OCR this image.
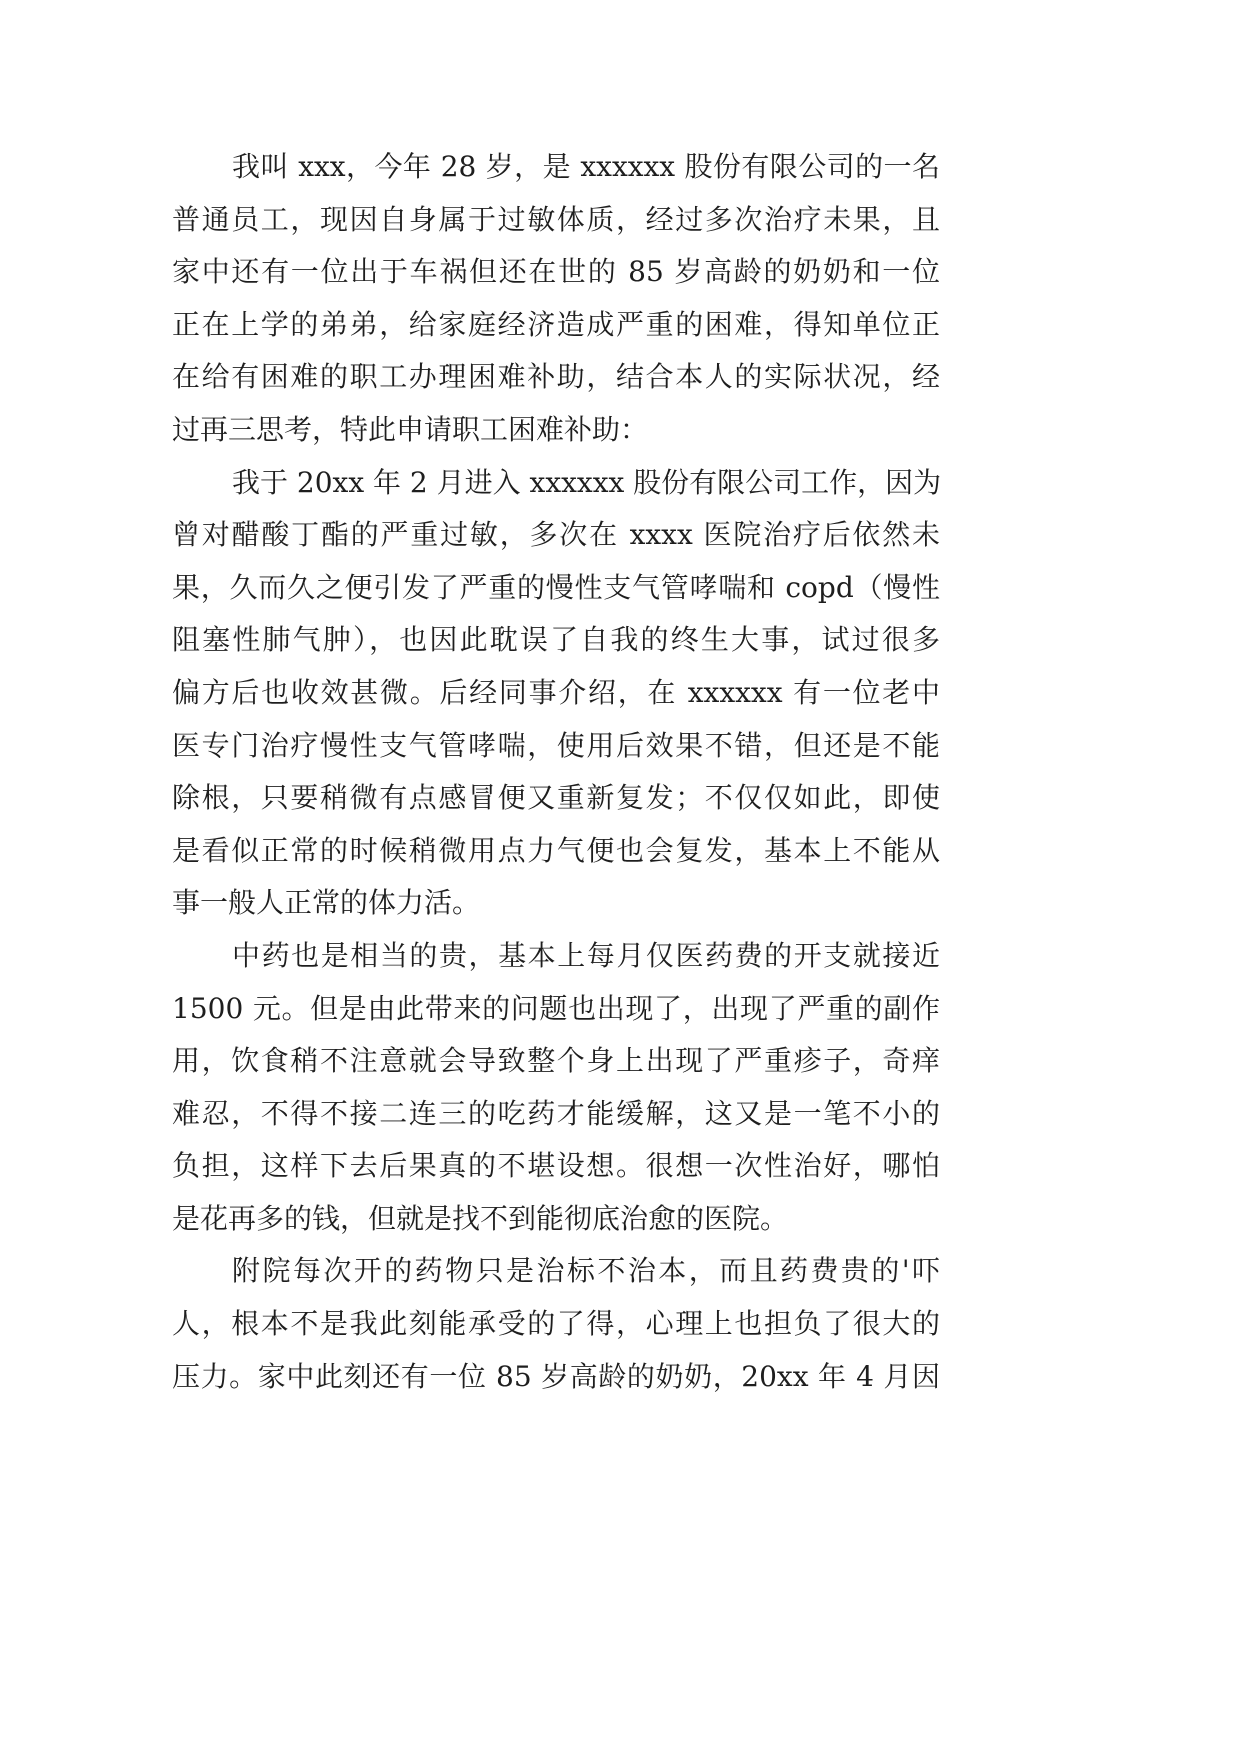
我叫 xxx，今年 28 岁，是 xxxxxx 股份有限公司的一名
普通员工，现因自身属于过敏体质，经过多次治疗未果，且
家中还有一位出于车祸但还在世的 85 岁高龄的奶奶和一位
正在上学的弟弟，给家庭经济造成严重的困难，得知单位正
在给有困难的职工办理困难补助，结合本人的实际状况，经
过再三思考，特此申请职工困难补助：
我于 20xx 年 2 月进入 xxxxxx 股份有限公司工作，因为
曾对醋酸丁酯的严重过敏，多次在 xxxx 医院治疗后依然未
果，久而久之便引发了严重的慢性支气管哮喘和 copd（慢性
阻塞性肺气肿），也因此耽误了自我的终生大事，试过很多
偏方后也收效甚微。后经同事介绍，在 xxxxxx 有一位老中
医专门治疗慢性支气管哮喘，使用后效果不错，但还是不能
除根，只要稍微有点感冒便又重新复发；不仅仅如此，即使
是看似正常的时候稍微用点力气便也会复发，基本上不能从
事一般人正常的体力活。
中药也是相当的贵，基本上每月仅医药费的开支就接近
1500 元。但是由此带来的问题也出现了，出现了严重的副作
用，饮食稍不注意就会导致整个身上出现了严重疹子，奇痒
难忍，不得不接二连三的吃药才能缓解，这又是一笔不小的
负担，这样下去后果真的不堪设想。很想一次性治好，哪怕
是花再多的钱，但就是找不到能彻底治愈的医院。
附院每次开的药物只是治标不治本，而且药费贵的'吓
人，根本不是我此刻能承受的了得，心理上也担负了很大的
压力。家中此刻还有一位 85 岁高龄的奶奶，20xx 年 4 月因
